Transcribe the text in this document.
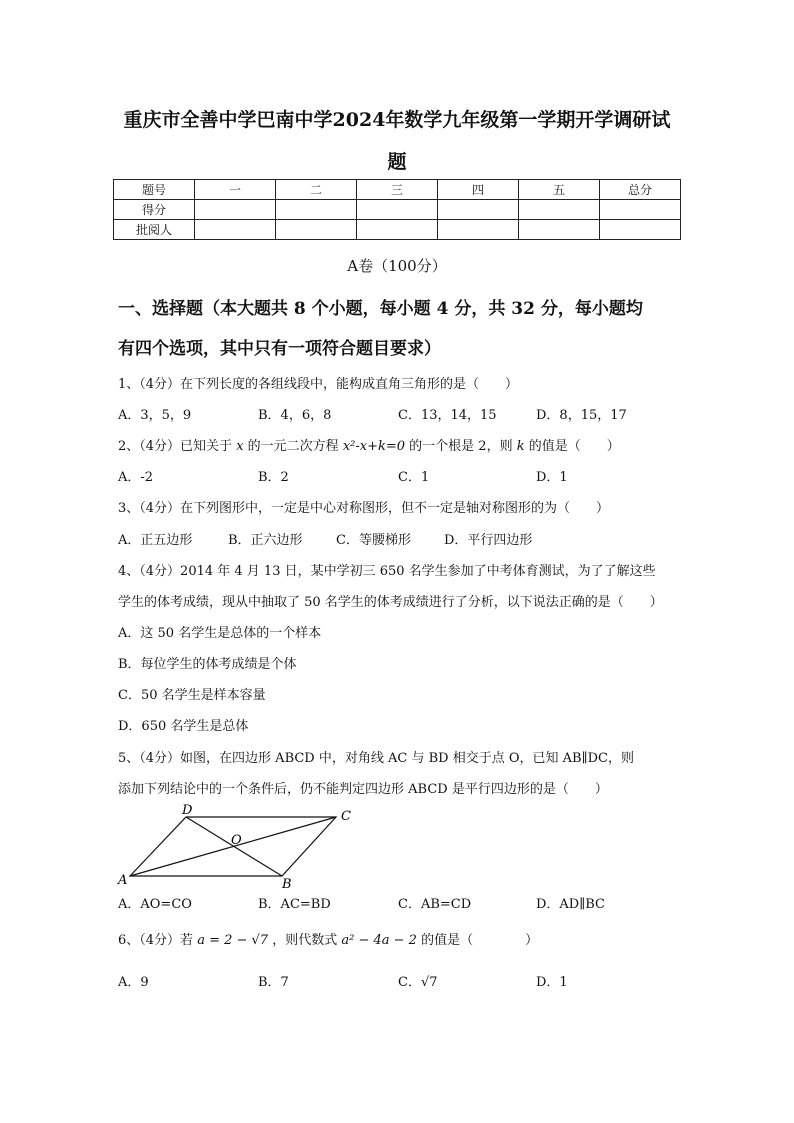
重庆市全善中学巴南中学2024年数学九年级第一学期开学调研试
题
题号	一	二	三	四	五	总分
得分						
批阅人						
A卷（100分）
一、选择题（本大题共 8 个小题，每小题 4 分，共 32 分，每小题均
有四个选项，其中只有一项符合题目要求）
1、（4分）在下列长度的各组线段中，能构成直角三角形的是（　　）
A．3，5，9	B．4，6，8	C．13，14，15	D．8，15，17
2、（4分）已知关于 x 的一元二次方程 x²-x+k=0 的一个根是 2，则 k 的值是（　　）
A．-2	B．2	C．1	D．1
3、（4分）在下列图形中，一定是中心对称图形，但不一定是轴对称图形的为（　　）
A．正五边形	B．正六边形	C．等腰梯形	D．平行四边形
4、（4分）2014 年 4 月 13 日，某中学初三 650 名学生参加了中考体育测试，为了了解这些
学生的体考成绩，现从中抽取了 50 名学生的体考成绩进行了分析，以下说法正确的是（　　）
A．这 50 名学生是总体的一个样本
B．每位学生的体考成绩是个体
C．50 名学生是样本容量
D．650 名学生是总体
5、（4分）如图，在四边形 ABCD 中，对角线 AC 与 BD 相交于点 O，已知 AB∥DC，则
添加下列结论中的一个条件后，仍不能判定四边形 ABCD 是平行四边形的是（　　）
D	C
O
A	B
A．AO=CO	B．AC=BD	C．AB=CD	D．AD∥BC
6、（4分）若 a = 2 − √7 ，则代数式 a² − 4a − 2 的值是（　　　　）
A．9	B．7	C．√7	D．1
